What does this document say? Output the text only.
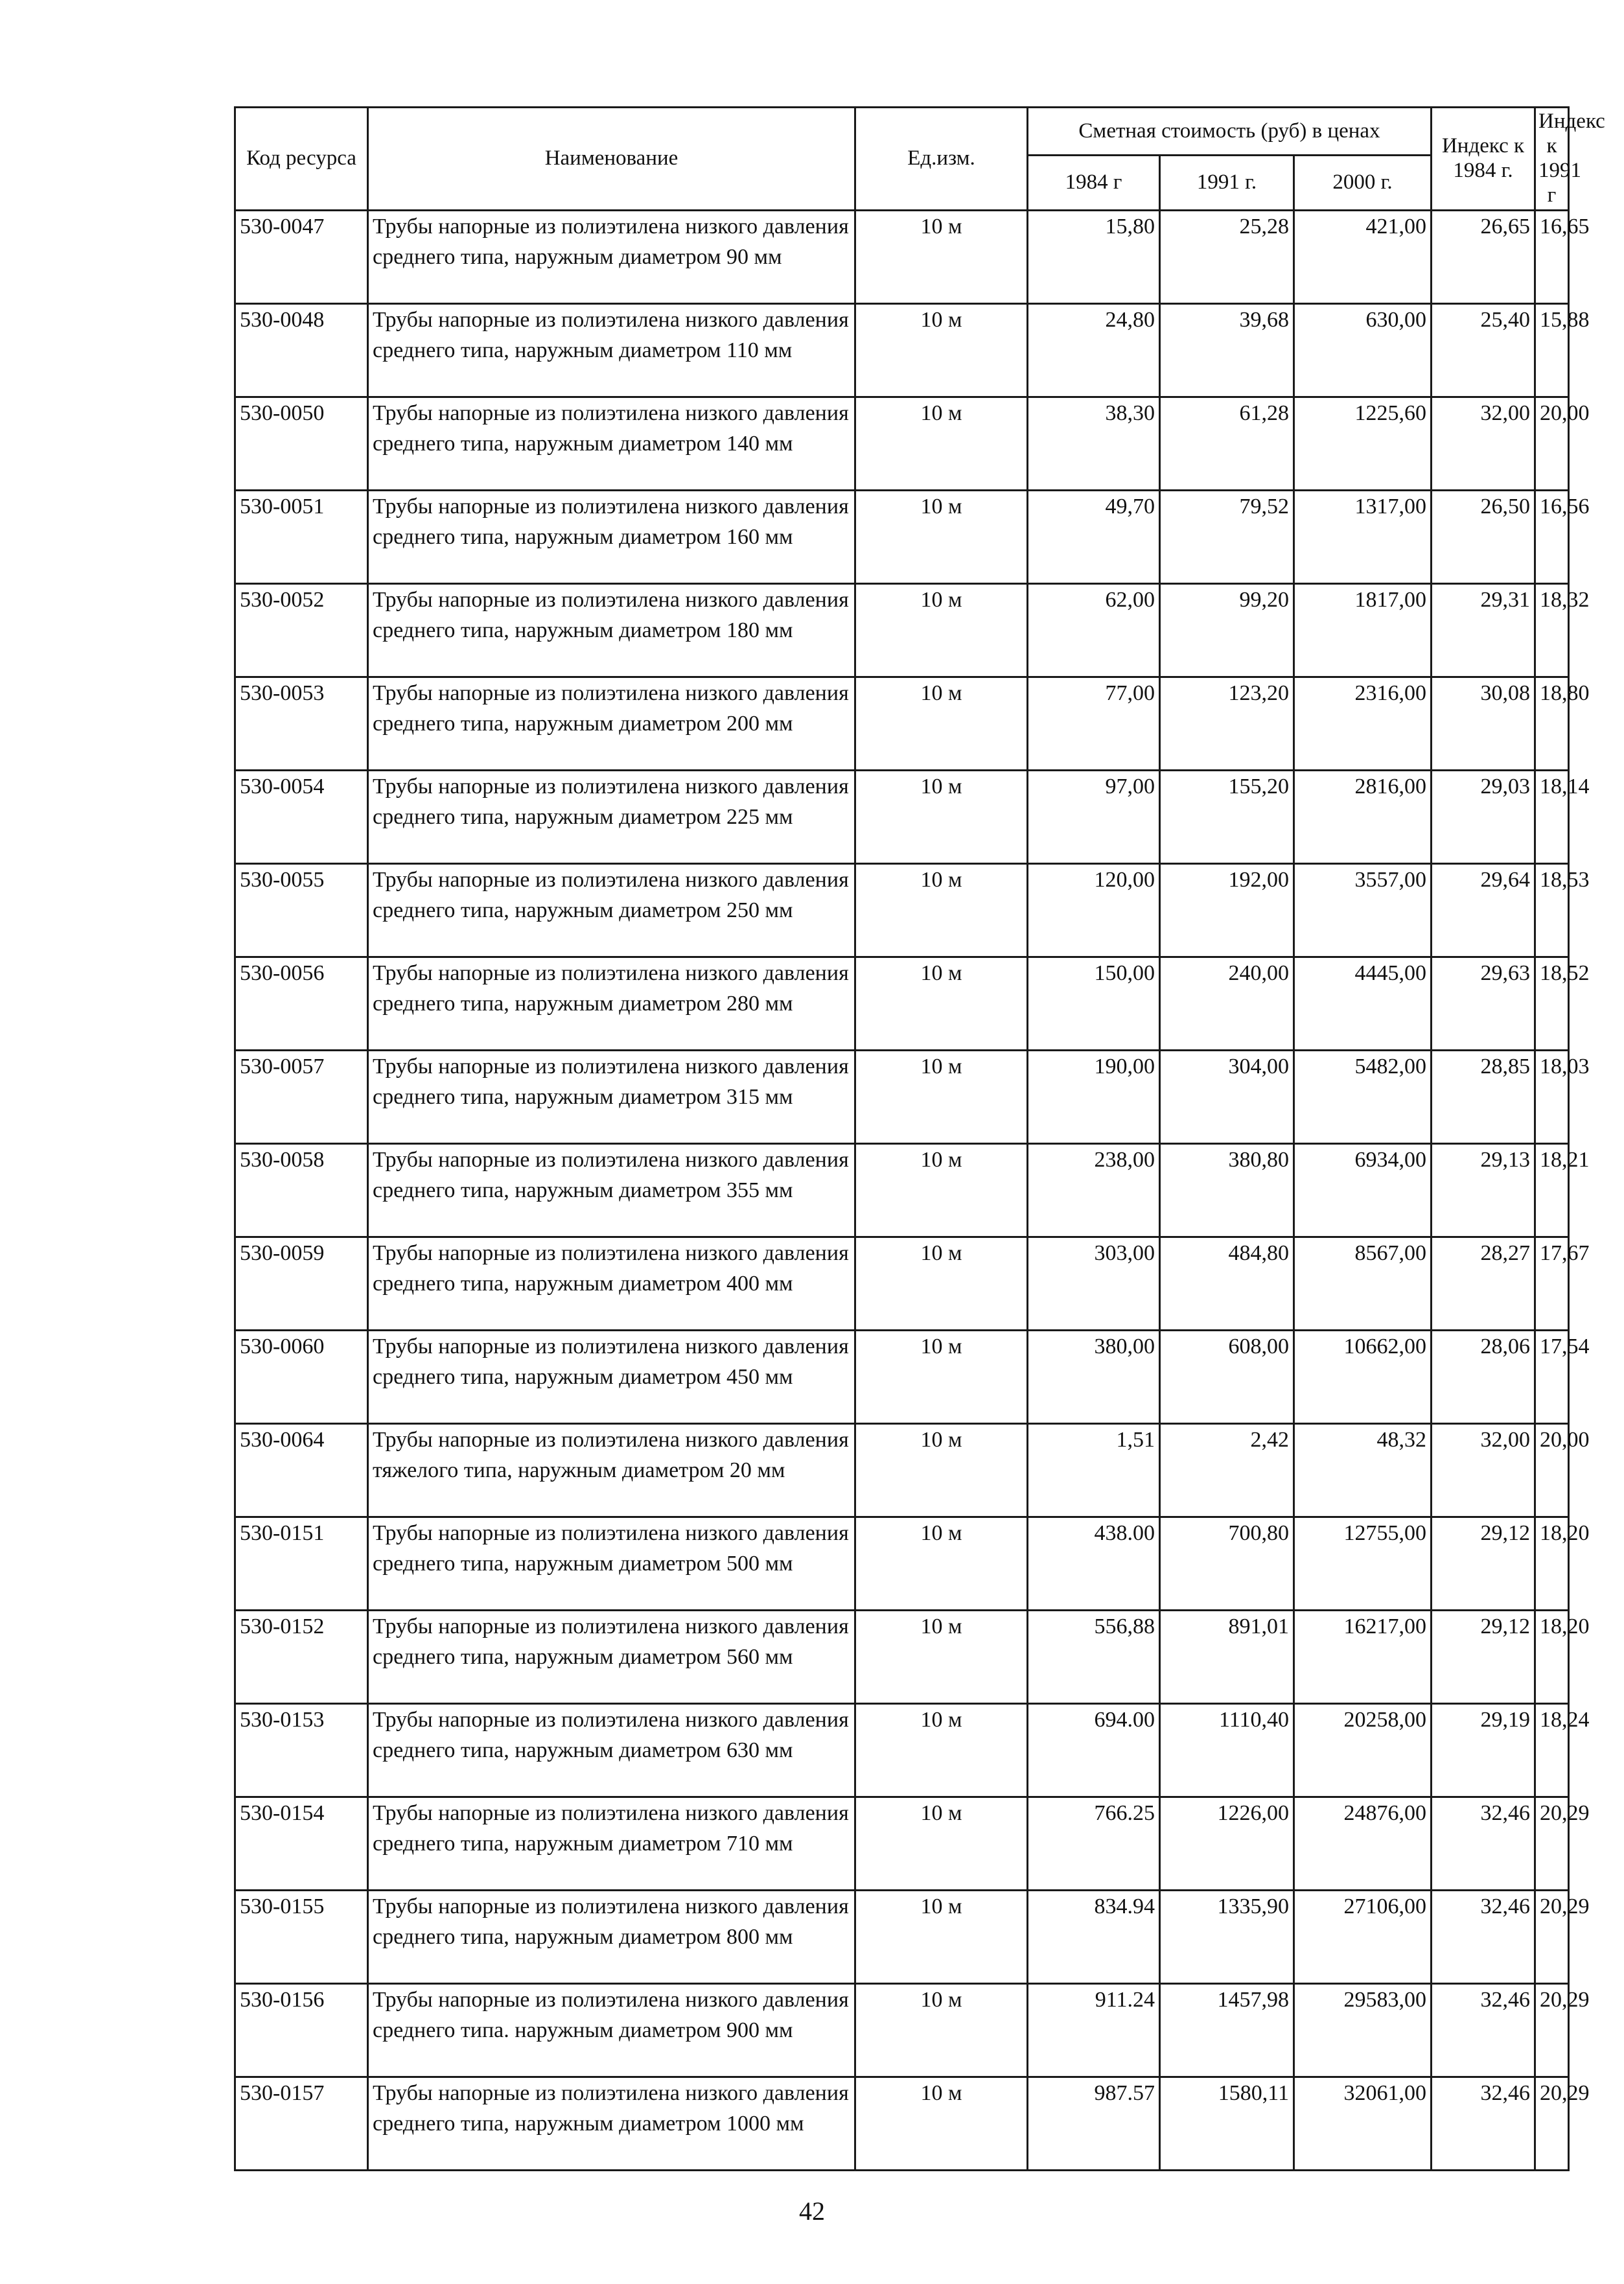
Код ресурса	Наименование	Ед.изм.	Сметная стоимость (руб) в ценах			Индекс к 1984 г.	Индекс к 1991 г
			1984 г	1991 г.	2000 г.		
530-0047	Трубы напорные из полиэтилена низкого давления среднего типа, наружным диаметром 90 мм	10 м	15,80	25,28	421,00	26,65	16,65
530-0048	Трубы напорные из полиэтилена низкого давления среднего типа, наружным диаметром 110 мм	10 м	24,80	39,68	630,00	25,40	15,88
530-0050	Трубы напорные из полиэтилена низкого давления среднего типа, наружным диаметром 140 мм	10 м	38,30	61,28	1225,60	32,00	20,00
530-0051	Трубы напорные из полиэтилена низкого давления среднего типа, наружным диаметром 160 мм	10 м	49,70	79,52	1317,00	26,50	16,56
530-0052	Трубы напорные из полиэтилена низкого давления среднего типа, наружным диаметром 180 мм	10 м	62,00	99,20	1817,00	29,31	18,32
530-0053	Трубы напорные из полиэтилена низкого давления среднего типа, наружным диаметром 200 мм	10 м	77,00	123,20	2316,00	30,08	18,80
530-0054	Трубы напорные из полиэтилена низкого давления среднего типа, наружным диаметром 225 мм	10 м	97,00	155,20	2816,00	29,03	18,14
530-0055	Трубы напорные из полиэтилена низкого давления среднего типа, наружным диаметром 250 мм	10 м	120,00	192,00	3557,00	29,64	18,53
530-0056	Трубы напорные из полиэтилена низкого давления среднего типа, наружным диаметром 280 мм	10 м	150,00	240,00	4445,00	29,63	18,52
530-0057	Трубы напорные из полиэтилена низкого давления среднего типа, наружным диаметром 315 мм	10 м	190,00	304,00	5482,00	28,85	18,03
530-0058	Трубы напорные из полиэтилена низкого давления среднего типа, наружным диаметром 355 мм	10 м	238,00	380,80	6934,00	29,13	18,21
530-0059	Трубы напорные из полиэтилена низкого давления среднего типа, наружным диаметром 400 мм	10 м	303,00	484,80	8567,00	28,27	17,67
530-0060	Трубы напорные из полиэтилена низкого давления среднего типа, наружным диаметром 450 мм	10 м	380,00	608,00	10662,00	28,06	17,54
530-0064	Трубы напорные из полиэтилена низкого давления тяжелого типа, наружным диаметром 20 мм	10 м	1,51	2,42	48,32	32,00	20,00
530-0151	Трубы напорные из полиэтилена низкого давления среднего типа, наружным диаметром 500 мм	10 м	438.00	700,80	12755,00	29,12	18,20
530-0152	Трубы напорные из полиэтилена низкого давления среднего типа, наружным диаметром 560 мм	10 м	556,88	891,01	16217,00	29,12	18,20
530-0153	Трубы напорные из полиэтилена низкого давления среднего типа, наружным диаметром 630 мм	10 м	694.00	1110,40	20258,00	29,19	18,24
530-0154	Трубы напорные из полиэтилена низкого давления среднего типа, наружным диаметром 710 мм	10 м	766.25	1226,00	24876,00	32,46	20,29
530-0155	Трубы напорные из полиэтилена низкого давления среднего типа, наружным диаметром 800 мм	10 м	834.94	1335,90	27106,00	32,46	20,29
530-0156	Трубы напорные из полиэтилена низкого давления среднего типа. наружным диаметром 900 мм	10 м	911.24	1457,98	29583,00	32,46	20,29
530-0157	Трубы напорные из полиэтилена низкого давления среднего типа, наружным диаметром 1000 мм	10 м	987.57	1580,11	32061,00	32,46	20,29
42
